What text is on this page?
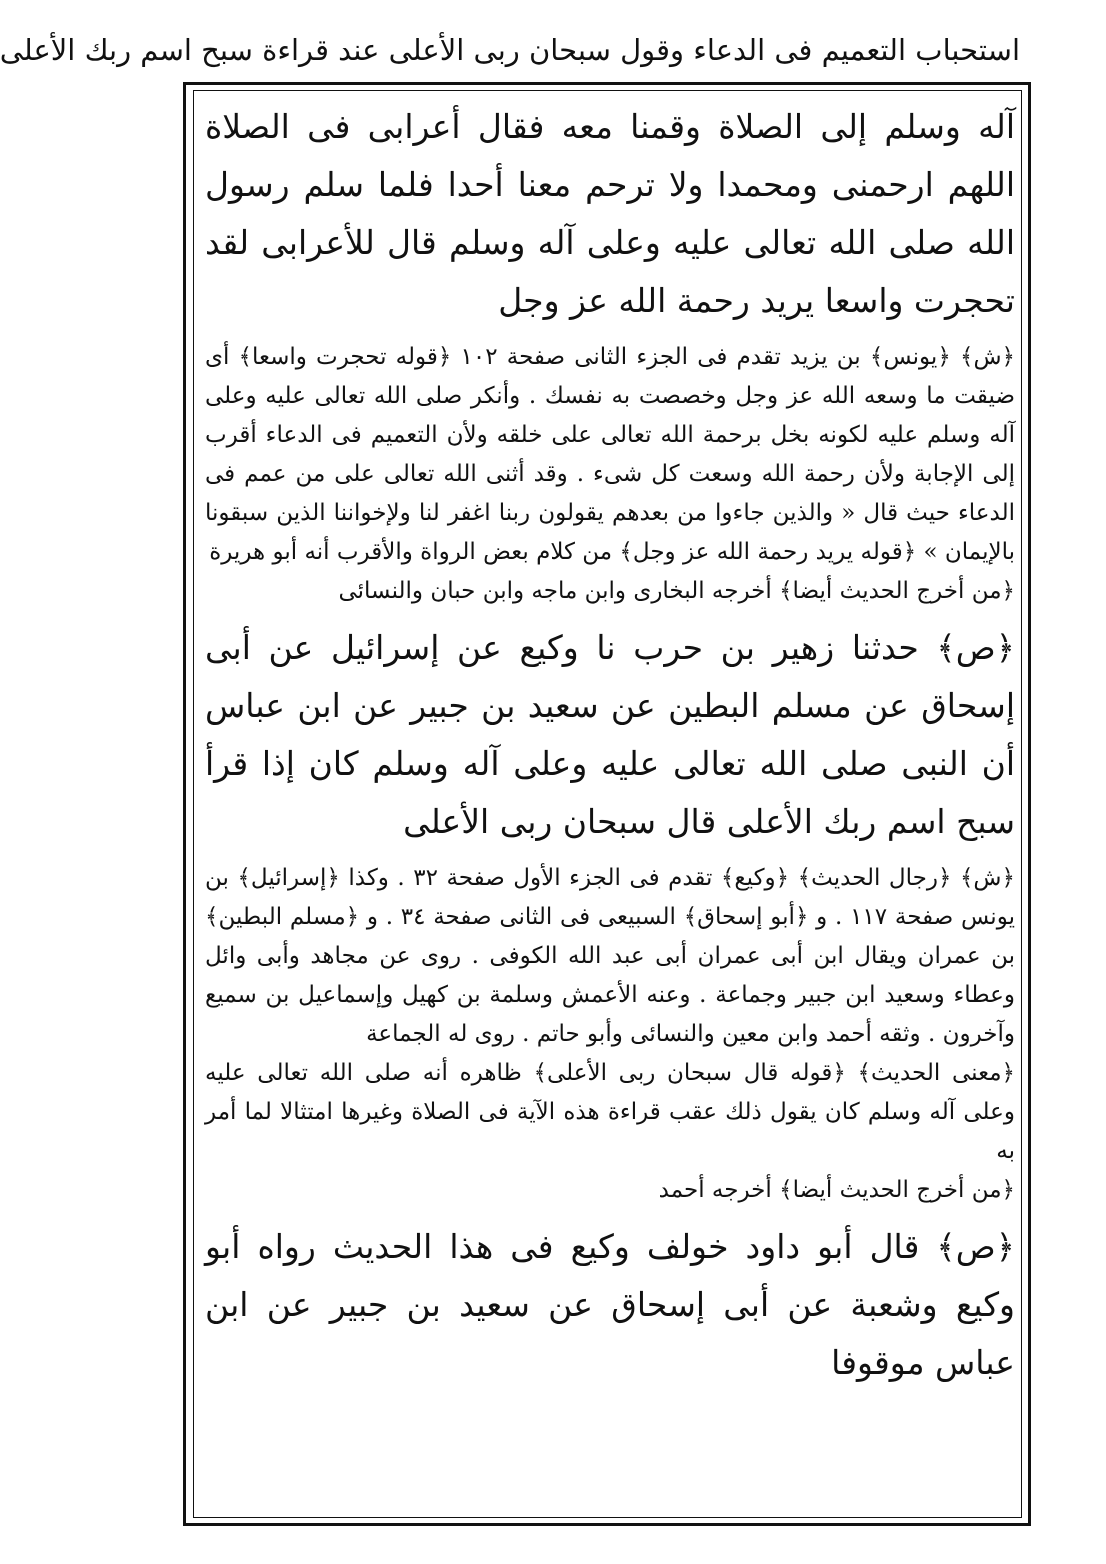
استحباب التعميم فى الدعاء وقول سبحان ربى الأعلى عند قراءة سبح اسم ربك الأعلى

آله وسلم إلى الصلاة وقمنا معه فقال أعرابى فى الصلاة اللهم ارحمنى ومحمدا ولا ترحم معنا أحدا فلما سلم رسول الله صلى الله تعالى عليه وعلى آله وسلم قال للأعرابى لقد تحجرت واسعا يريد رحمة الله عز وجل

﴿ش﴾ ﴿يونس﴾ بن يزيد تقدم فى الجزء الثانى صفحة ١٠٢ ﴿قوله تحجرت واسعا﴾ أى ضيقت ما وسعه الله عز وجل وخصصت به نفسك . وأنكر صلى الله تعالى عليه وعلى آله وسلم عليه لكونه بخل برحمة الله تعالى على خلقه ولأن التعميم فى الدعاء أقرب إلى الإجابة ولأن رحمة الله وسعت كل شىء . وقد أثنى الله تعالى على من عمم فى الدعاء حيث قال « والذين جاءوا من بعدهم يقولون ربنا اغفر لنا ولإخواننا الذين سبقونا بالإيمان » ﴿قوله يريد رحمة الله عز وجل﴾ من كلام بعض الرواة والأقرب أنه أبو هريرة

﴿من أخرج الحديث أيضا﴾ أخرجه البخارى وابن ماجه وابن حبان والنسائى

﴿ص﴾ حدثنا زهير بن حرب نا وكيع عن إسرائيل عن أبى إسحاق عن مسلم البطين عن سعيد بن جبير عن ابن عباس أن النبى صلى الله تعالى عليه وعلى آله وسلم كان إذا قرأ سبح اسم ربك الأعلى قال سبحان ربى الأعلى

﴿ش﴾ ﴿رجال الحديث﴾ ﴿وكيع﴾ تقدم فى الجزء الأول صفحة ٣٢ . وكذا ﴿إسرائيل﴾ بن يونس صفحة ١١٧ . و ﴿أبو إسحاق﴾ السبيعى فى الثانى صفحة ٣٤ . و ﴿مسلم البطين﴾ بن عمران ويقال ابن أبى عمران أبى عبد الله الكوفى . روى عن مجاهد وأبى وائل وعطاء وسعيد ابن جبير وجماعة . وعنه الأعمش وسلمة بن كهيل وإسماعيل بن سميع وآخرون . وثقه أحمد وابن معين والنسائى وأبو حاتم . روى له الجماعة

﴿معنى الحديث﴾ ﴿قوله قال سبحان ربى الأعلى﴾ ظاهره أنه صلى الله تعالى عليه وعلى آله وسلم كان يقول ذلك عقب قراءة هذه الآية فى الصلاة وغيرها امتثالا لما أمر به

﴿من أخرج الحديث أيضا﴾ أخرجه أحمد

﴿ص﴾ قال أبو داود خولف وكيع فى هذا الحديث رواه أبو وكيع وشعبة عن أبى إسحاق عن سعيد بن جبير عن ابن عباس موقوفا
